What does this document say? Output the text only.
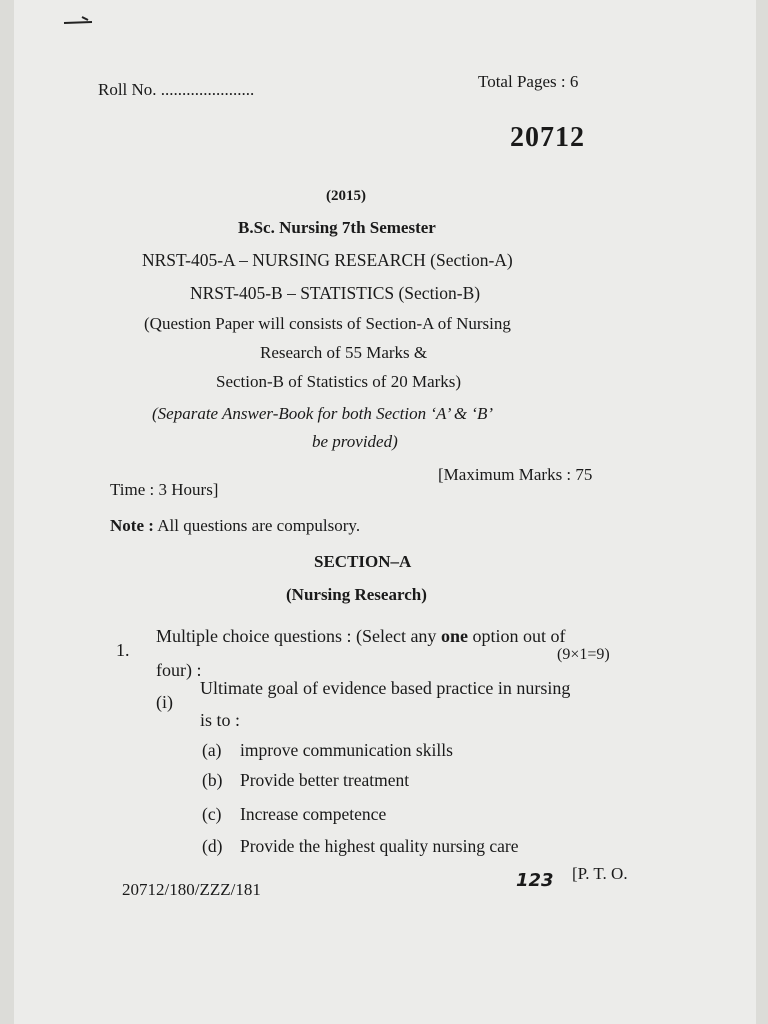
Roll No. ......................	Total Pages : 6
20712
(2015)
B.Sc. Nursing 7th Semester
NRST-405-A – NURSING RESEARCH (Section-A)
NRST-405-B – STATISTICS (Section-B)
(Question Paper will consists of Section-A of Nursing
Research of 55 Marks &
Section-B of Statistics of 20 Marks)
(Separate Answer-Book for both Section ‘A’ & ‘B’
be provided)
Time : 3 Hours]
[Maximum Marks : 75
Note : All questions are compulsory.
SECTION–A
(Nursing Research)
1.
Multiple choice questions : (Select any one option out of
four) :
(9×1=9)
(i)
Ultimate goal of evidence based practice in nursing
is to :
(a) improve communication skills
(b) Provide better treatment
(c) Increase competence
(d) Provide the highest quality nursing care
20712/180/ZZZ/181	123 [P. T. O.
